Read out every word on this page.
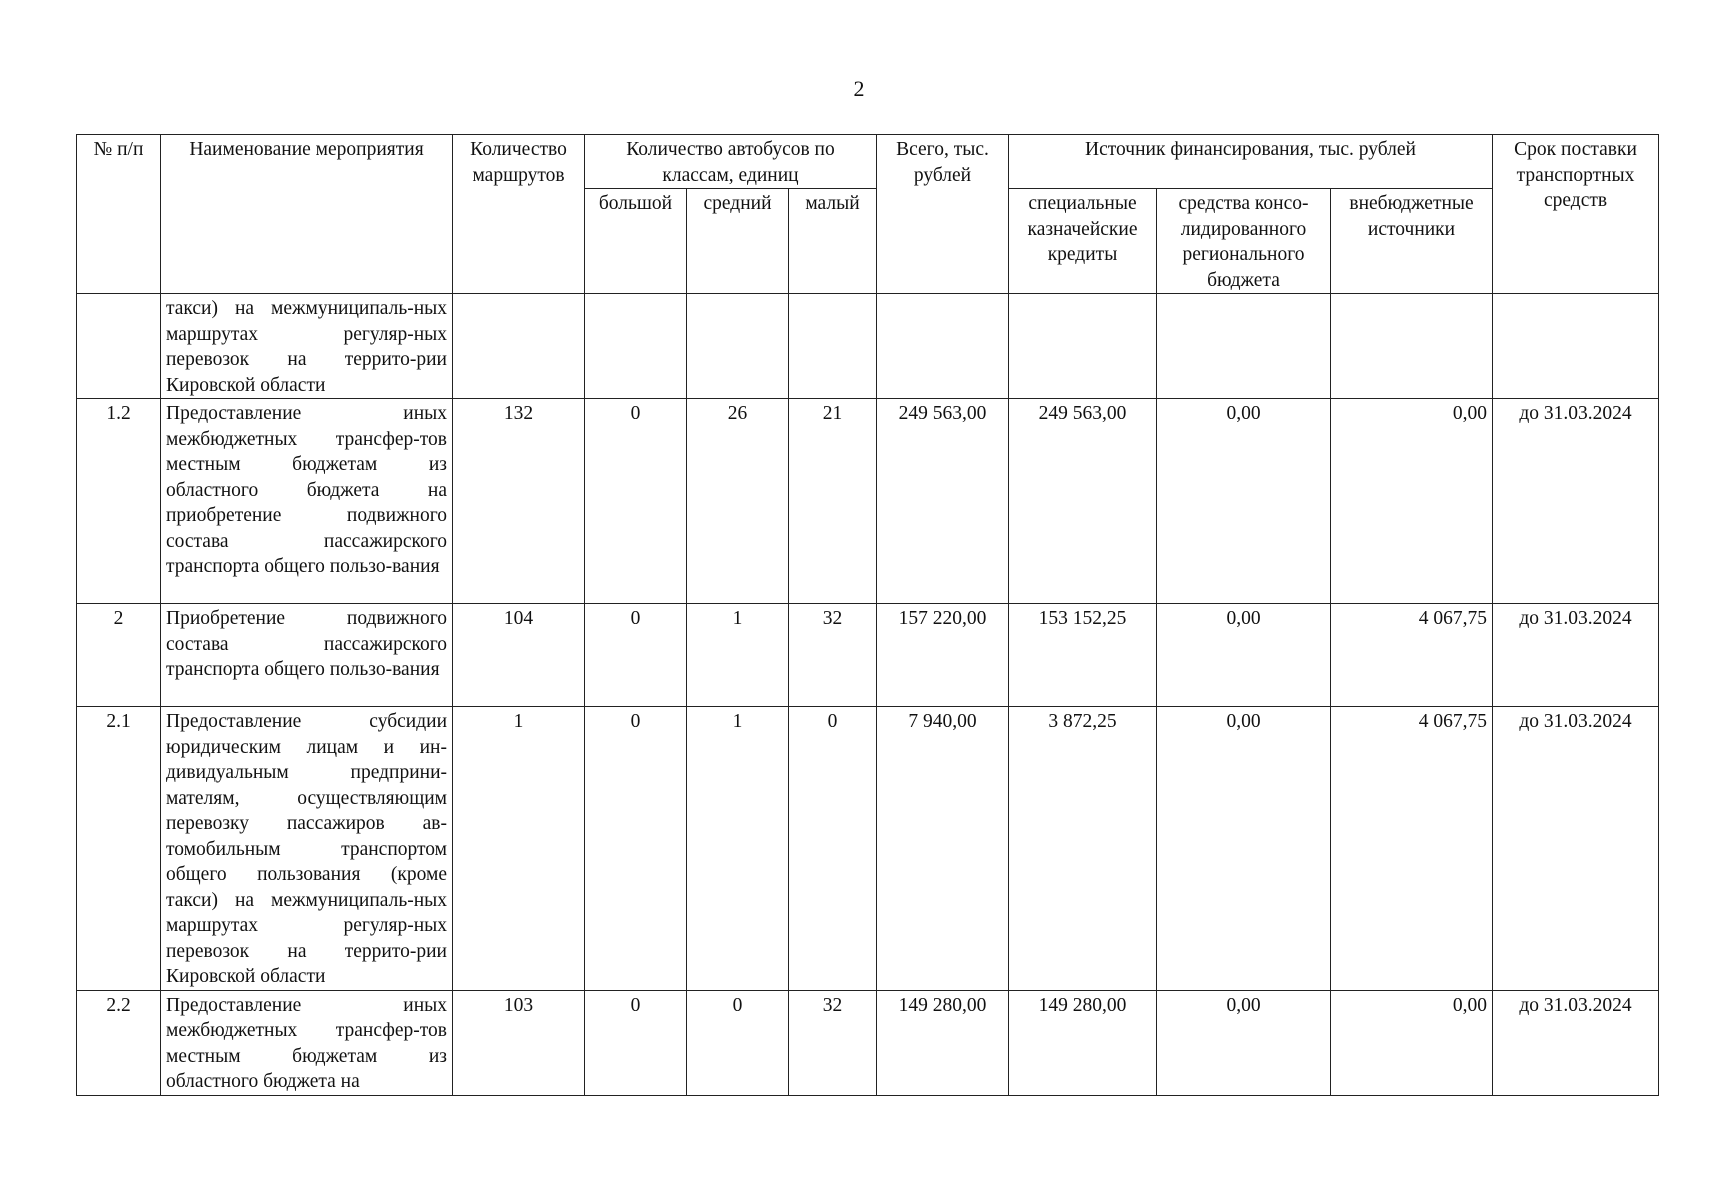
2
№ п/п	Наименование мероприятия	Количество маршрутов	Количество автобусов по классам, единиц			Всего, тыс. рублей	Источник финансирования, тыс. рублей			Срок поставки транспортных средств
			большой	средний	малый		специальные казначейские кредиты	средства консо-лидированного регионального бюджета	внебюджетные источники	
	такси) на межмуниципаль-ных маршрутах регуляр-ных перевозок на террито-рии Кировской области									
1.2	Предоставление иных межбюджетных трансфер-тов местным бюджетам из областного бюджета на приобретение подвижного состава пассажирского транспорта общего пользо-вания	132	0	26	21	249 563,00	249 563,00	0,00	0,00	до 31.03.2024
2	Приобретение подвижного состава пассажирского транспорта общего пользо-вания	104	0	1	32	157 220,00	153 152,25	0,00	4 067,75	до 31.03.2024
2.1	Предоставление субсидии юридическим лицам и ин-дивидуальным предприни-мателям, осуществляющим перевозку пассажиров ав-томобильным транспортом общего пользования (кроме такси) на межмуниципаль-ных маршрутах регуляр-ных перевозок на террито-рии Кировской области	1	0	1	0	7 940,00	3 872,25	0,00	4 067,75	до 31.03.2024
2.2	Предоставление иных межбюджетных трансфер-тов местным бюджетам из областного бюджета на	103	0	0	32	149 280,00	149 280,00	0,00	0,00	до 31.03.2024
